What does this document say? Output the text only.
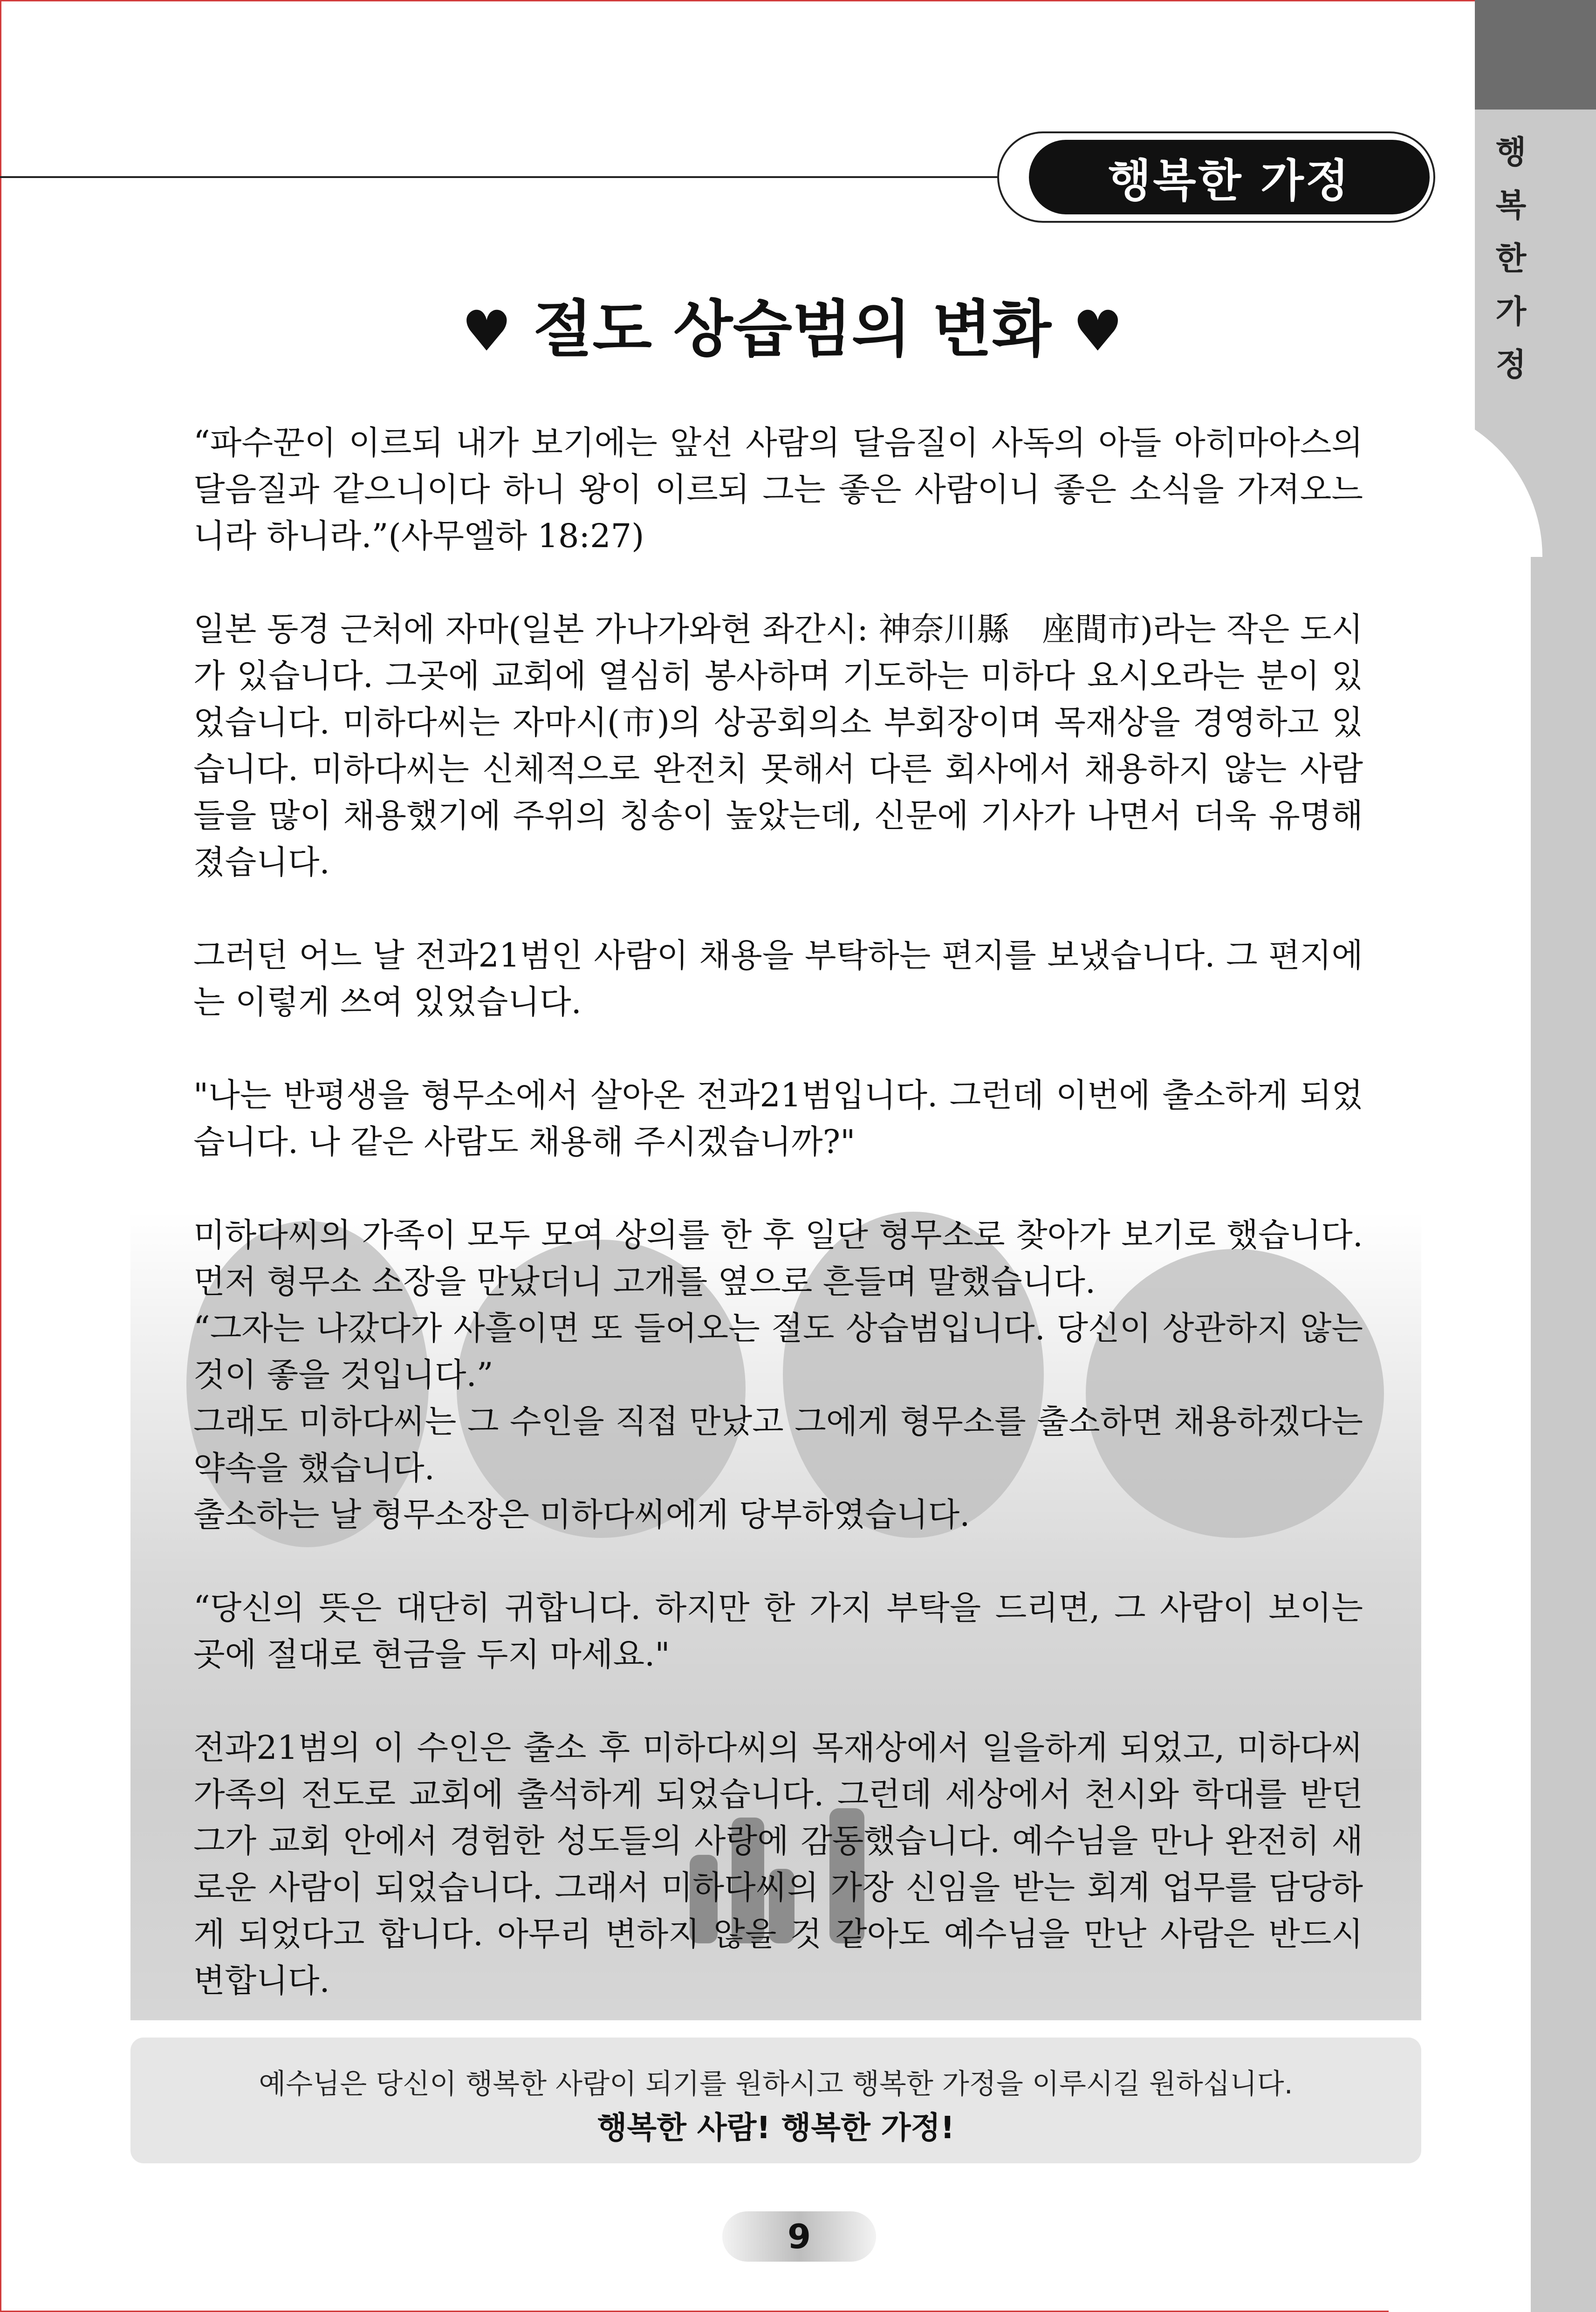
행
복
한
가
정
행복한 가정
♥ 절도 상습범의 변화 ♥

“파수꾼이 이르되 내가 보기에는 앞선 사람의 달음질이 사독의 아들 아히마아스의 달음질과 같으니이다 하니 왕이 이르되 그는 좋은 사람이니 좋은 소식을 가져오느니라 하니라.”(사무엘하 18:27)

일본 동경 근처에 자마(일본 가나가와현 좌간시: 神奈川縣　座間市)라는 작은 도시가 있습니다. 그곳에 교회에 열심히 봉사하며 기도하는 미하다 요시오라는 분이 있었습니다. 미하다씨는 자마시(市)의 상공회의소 부회장이며 목재상을 경영하고 있습니다. 미하다씨는 신체적으로 완전치 못해서 다른 회사에서 채용하지 않는 사람들을 많이 채용했기에 주위의 칭송이 높았는데, 신문에 기사가 나면서 더욱 유명해졌습니다.

그러던 어느 날 전과21범인 사람이 채용을 부탁하는 편지를 보냈습니다. 그 편지에는 이렇게 쓰여 있었습니다.

"나는 반평생을 형무소에서 살아온 전과21범입니다. 그런데 이번에 출소하게 되었습니다. 나 같은 사람도 채용해 주시겠습니까?"

미하다씨의 가족이 모두 모여 상의를 한 후 일단 형무소로 찾아가 보기로 했습니다. 먼저 형무소 소장을 만났더니 고개를 옆으로 흔들며 말했습니다.

“그자는 나갔다가 사흘이면 또 들어오는 절도 상습범입니다. 당신이 상관하지 않는 것이 좋을 것입니다.”

그래도 미하다씨는 그 수인을 직접 만났고 그에게 형무소를 출소하면 채용하겠다는 약속을 했습니다.

출소하는 날 형무소장은 미하다씨에게 당부하였습니다.

“당신의 뜻은 대단히 귀합니다. 하지만 한 가지 부탁을 드리면, 그 사람이 보이는 곳에 절대로 현금을 두지 마세요."

전과21범의 이 수인은 출소 후 미하다씨의 목재상에서 일을하게 되었고, 미하다씨 가족의 전도로 교회에 출석하게 되었습니다. 그런데 세상에서 천시와 학대를 받던 그가 교회 안에서 경험한 성도들의 사랑에 감동했습니다. 예수님을 만나 완전히 새로운 사람이 되었습니다. 그래서 미하다씨의 가장 신임을 받는 회계 업무를 담당하게 되었다고 합니다. 아무리 변하지 않을 것 같아도 예수님을 만난 사람은 반드시 변합니다.

예수님은 당신이 행복한 사람이 되기를 원하시고 행복한 가정을 이루시길 원하십니다.
행복한 사람! 행복한 가정!
9
